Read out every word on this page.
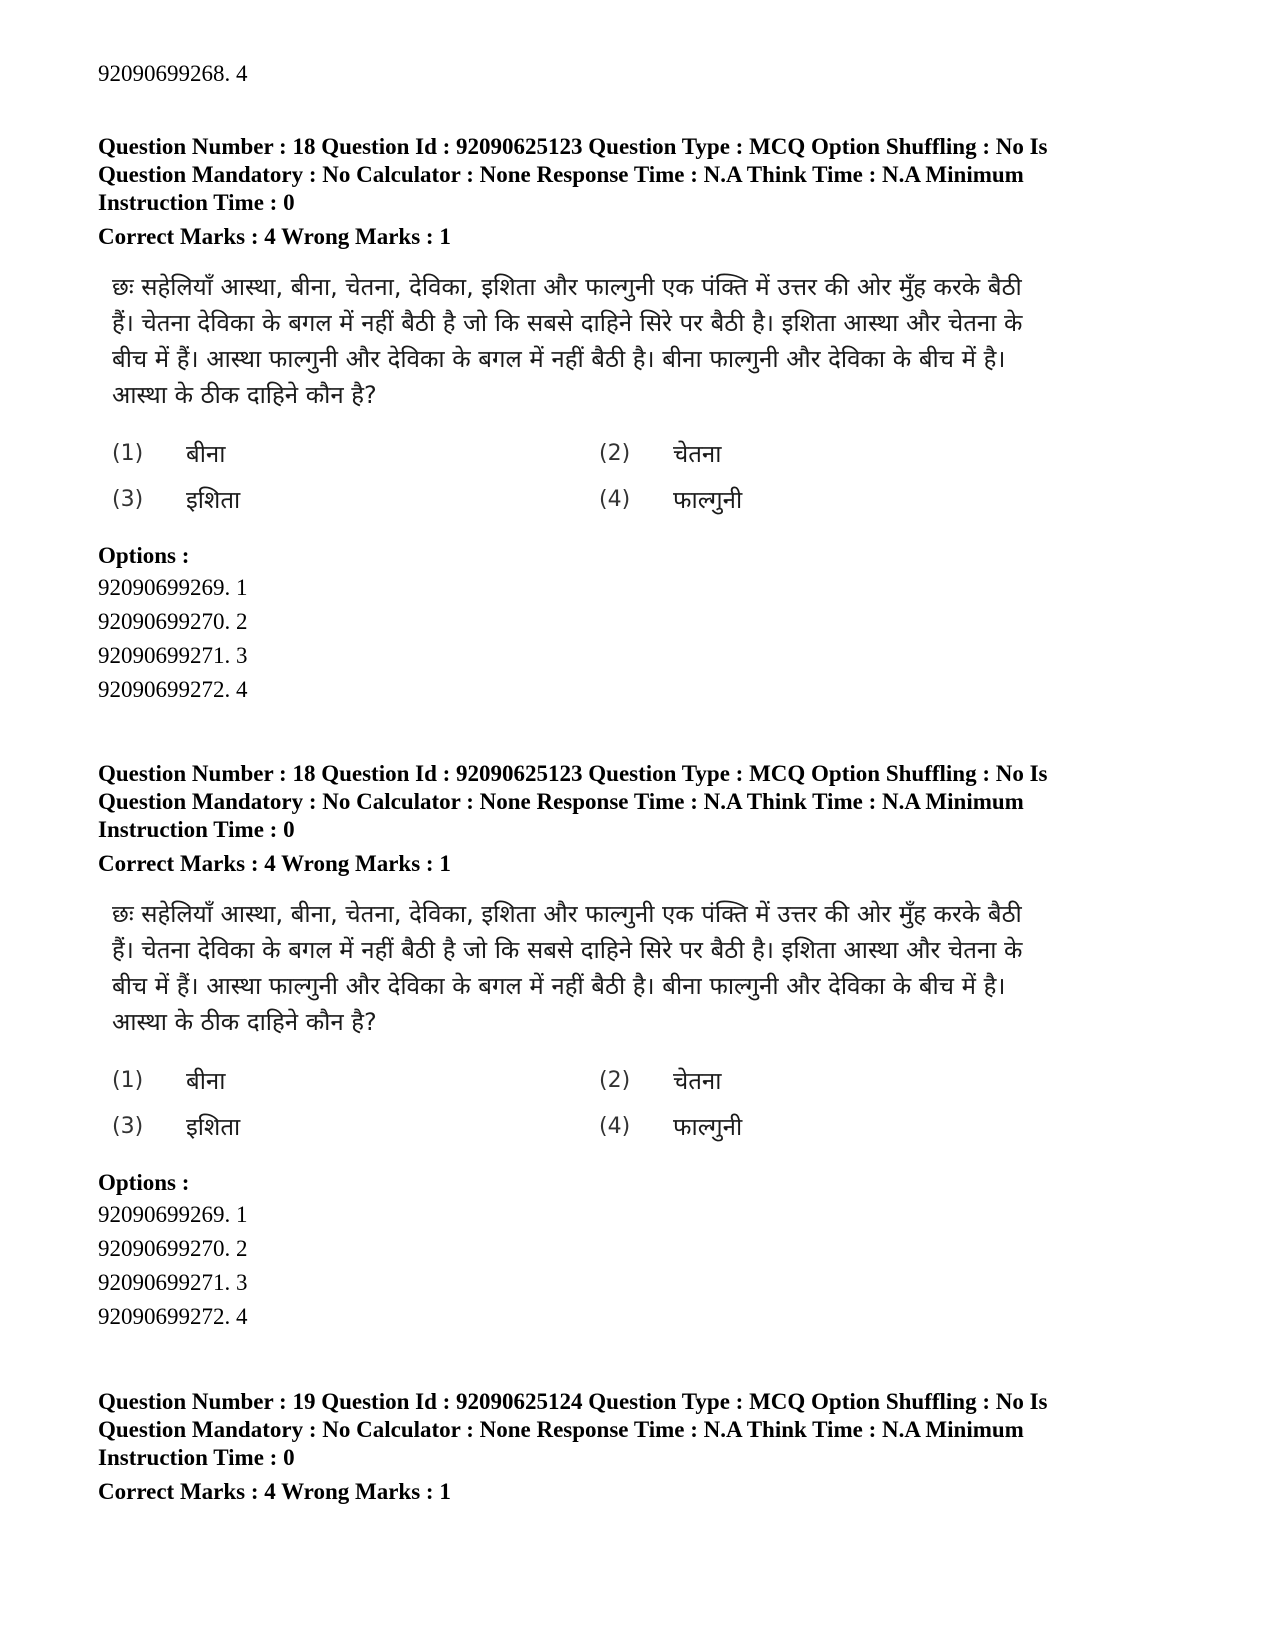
92090699268. 4

Question Number : 18 Question Id : 92090625123 Question Type : MCQ Option Shuffling : No Is

Question Mandatory : No Calculator : None Response Time : N.A Think Time : N.A Minimum

Instruction Time : 0

Correct Marks : 4 Wrong Marks : 1

छः सहेलियाँ आस्था, बीना, चेतना, देविका, इशिता और फाल्गुनी एक पंक्ति में उत्तर की ओर मुँह करके बैठी

हैं। चेतना देविका के बगल में नहीं बैठी है जो कि सबसे दाहिने सिरे पर बैठी है। इशिता आस्था और चेतना के

बीच में हैं। आस्था फाल्गुनी और देविका के बगल में नहीं बैठी है। बीना फाल्गुनी और देविका के बीच में है।

आस्था के ठीक दाहिने कौन है?

(1)	बीना	(2)	चेतना
(3)	इशिता	(4)	फाल्गुनी

Options :

92090699269. 1

92090699270. 2

92090699271. 3

92090699272. 4

Question Number : 18 Question Id : 92090625123 Question Type : MCQ Option Shuffling : No Is

Question Mandatory : No Calculator : None Response Time : N.A Think Time : N.A Minimum

Instruction Time : 0

Correct Marks : 4 Wrong Marks : 1

छः सहेलियाँ आस्था, बीना, चेतना, देविका, इशिता और फाल्गुनी एक पंक्ति में उत्तर की ओर मुँह करके बैठी

हैं। चेतना देविका के बगल में नहीं बैठी है जो कि सबसे दाहिने सिरे पर बैठी है। इशिता आस्था और चेतना के

बीच में हैं। आस्था फाल्गुनी और देविका के बगल में नहीं बैठी है। बीना फाल्गुनी और देविका के बीच में है।

आस्था के ठीक दाहिने कौन है?

(1)	बीना	(2)	चेतना
(3)	इशिता	(4)	फाल्गुनी

Options :

92090699269. 1

92090699270. 2

92090699271. 3

92090699272. 4

Question Number : 19 Question Id : 92090625124 Question Type : MCQ Option Shuffling : No Is

Question Mandatory : No Calculator : None Response Time : N.A Think Time : N.A Minimum

Instruction Time : 0

Correct Marks : 4 Wrong Marks : 1
